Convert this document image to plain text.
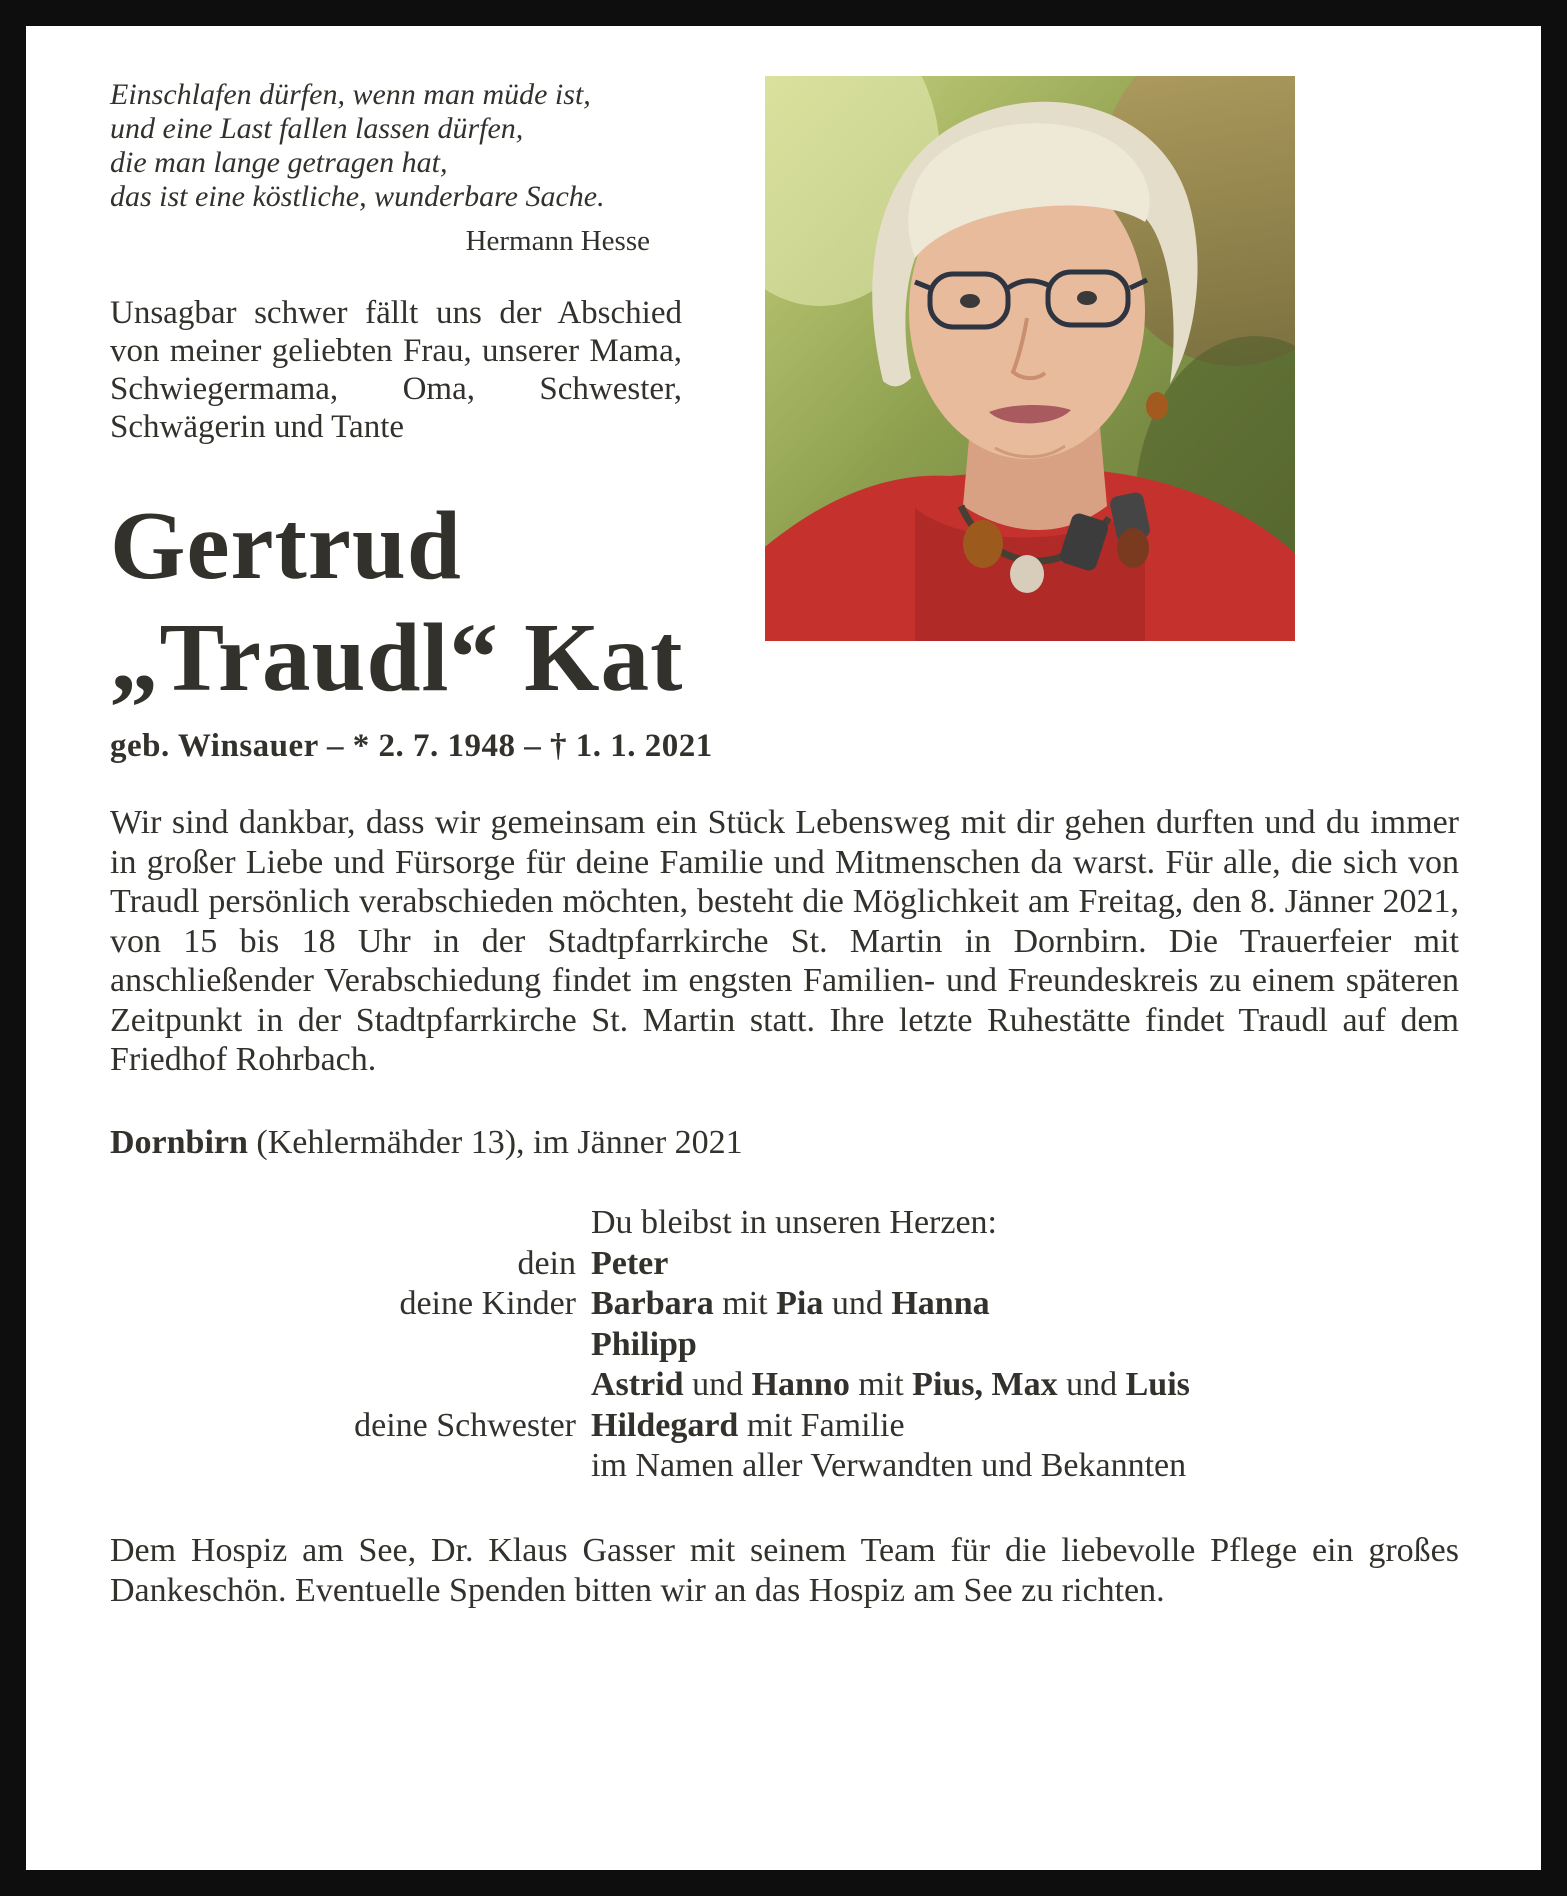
Einschlafen dürfen, wenn man müde ist,

und eine Last fallen lassen dürfen,

die man lange getragen hat,

das ist eine köstliche, wunderbare Sache.

Hermann Hesse

Unsagbar schwer fällt uns der Abschied von meiner geliebten Frau, unserer Mama, Schwiegermama, Oma, Schwester, Schwägerin und Tante

Gertrud
„Traudl“ Kat

geb. Winsauer – * 2. 7. 1948 – † 1. 1. 2021

Wir sind dankbar, dass wir gemeinsam ein Stück Lebensweg mit dir gehen durften und du immer in großer Liebe und Fürsorge für deine Familie und Mitmenschen da warst. Für alle, die sich von Traudl persönlich verabschieden möchten, besteht die Möglichkeit am Freitag, den 8. Jänner 2021, von 15 bis 18 Uhr in der Stadtpfarrkirche St. Martin in Dornbirn. Die Trauerfeier mit anschließender Verabschiedung findet im engsten Familien- und Freundeskreis zu einem späteren Zeitpunkt in der Stadtpfarrkirche St. Martin statt. Ihre letzte Ruhestätte findet Traudl auf dem Friedhof Rohrbach.

Dornbirn (Kehlermähder 13), im Jänner 2021

Du bleibst in unseren Herzen:

dein Peter
deine Kinder Barbara mit Pia und Hanna
Philipp
Astrid und Hanno mit Pius, Max und Luis
deine Schwester Hildegard mit Familie
im Namen aller Verwandten und Bekannten

Dem Hospiz am See, Dr. Klaus Gasser mit seinem Team für die liebevolle Pflege ein großes Dankeschön. Eventuelle Spenden bitten wir an das Hospiz am See zu richten.
